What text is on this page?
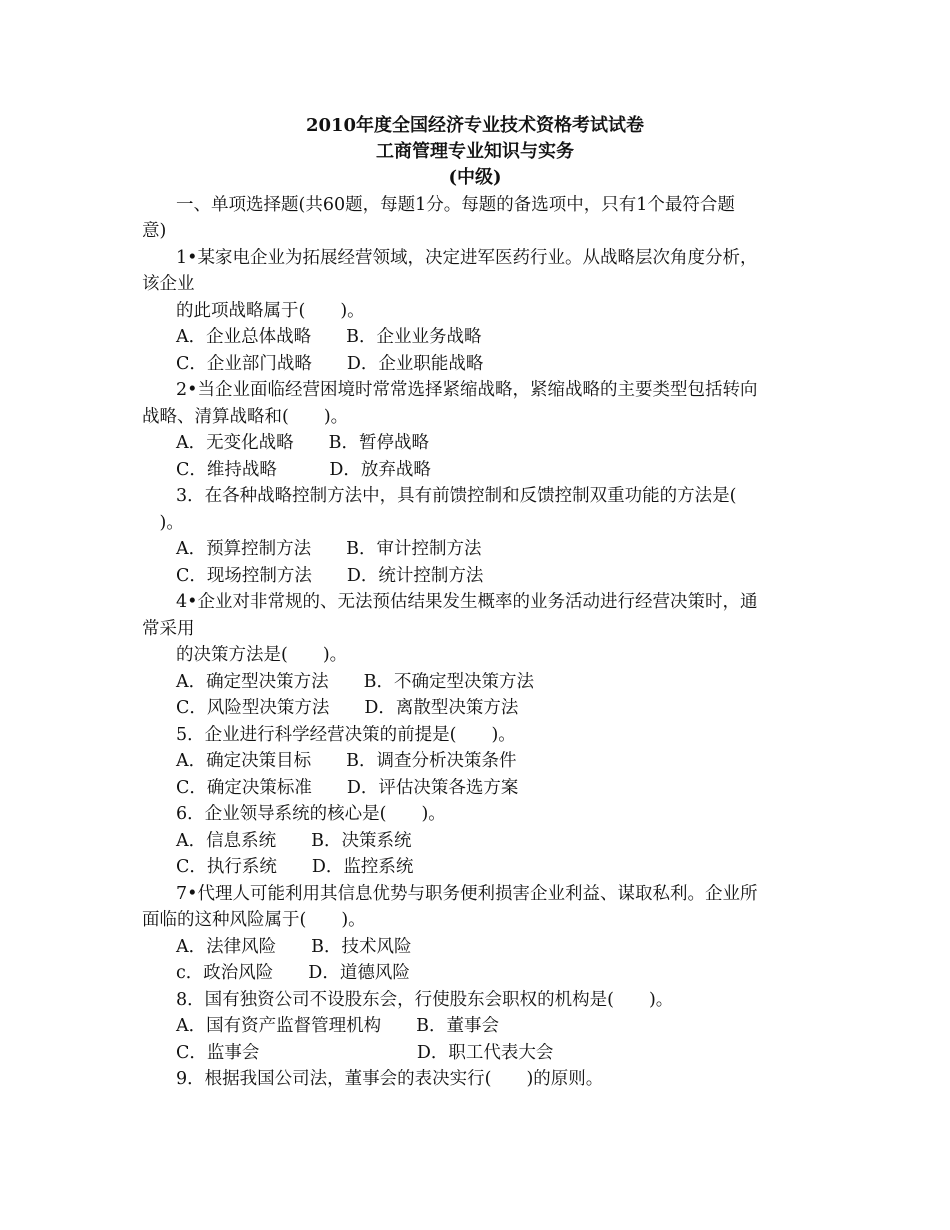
2010年度全国经济专业技术资格考试试卷
工商管理专业知识与实务
(中级)
一、单项选择题(共60题，每题1分。每题的备选项中，只有1个最符合题
意)
1•某家电企业为拓展经营领域，决定进军医药行业。从战略层次角度分析，
该企业
的此项战略属于(　　)。
A．企业总体战略　　B．企业业务战略
C．企业部门战略　　D．企业职能战略
2•当企业面临经营困境时常常选择紧缩战略，紧缩战略的主要类型包括转向
战略、清算战略和(　　)。
A．无变化战略　　B．暂停战略
C．维持战略　　　D．放弃战略
3．在各种战略控制方法中，具有前馈控制和反馈控制双重功能的方法是(
　)。
A．预算控制方法　　B．审计控制方法
C．现场控制方法　　D．统计控制方法
4•企业对非常规的、无法预估结果发生概率的业务活动进行经营决策时，通
常采用
的决策方法是(　　)。
A．确定型决策方法　　B．不确定型决策方法
C．风险型决策方法　　D．离散型决策方法
5．企业进行科学经营决策的前提是(　　)。
A．确定决策目标　　B．调查分析决策条件
C．确定决策标准　　D．评估决策各选方案
6．企业领导系统的核心是(　　)。
A．信息系统　　B．决策系统
C．执行系统　　D．监控系统
7•代理人可能利用其信息优势与职务便利损害企业利益、谋取私利。企业所
面临的这种风险属于(　　)。
A．法律风险　　B．技术风险
c．政治风险　　D．道德风险
8．国有独资公司不设股东会，行使股东会职权的机构是(　　)。
A．国有资产监督管理机构　　B．董事会
C．监事会　　　　　　　　　D．职工代表大会
9．根据我国公司法，董事会的表决实行(　　)的原则。
